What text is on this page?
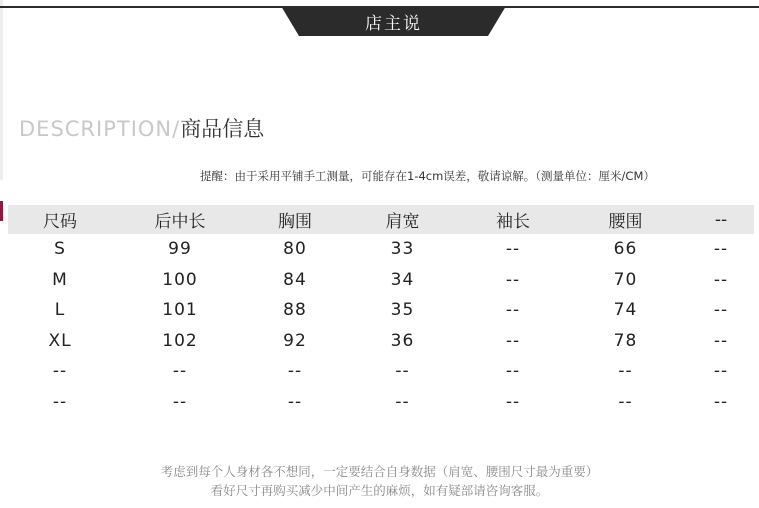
店主说
DESCRIPTION/商品信息
提醒：由于采用平铺手工测量，可能存在1-4cm误差，敬请谅解。（测量单位：厘米/CM）
尺码	后中长	胸围	肩宽	袖长	腰围	--
S	99	80	33	--	66	--
M	100	84	34	--	70	--
L	101	88	35	--	74	--
XL	102	92	36	--	78	--
--	--	--	--	--	--	--
--	--	--	--	--	--	--
考虑到每个人身材各不想同，一定要结合自身数据（肩宽、腰围尺寸最为重要）
看好尺寸再购买减少中间产生的麻烦，如有疑部请咨询客服。
